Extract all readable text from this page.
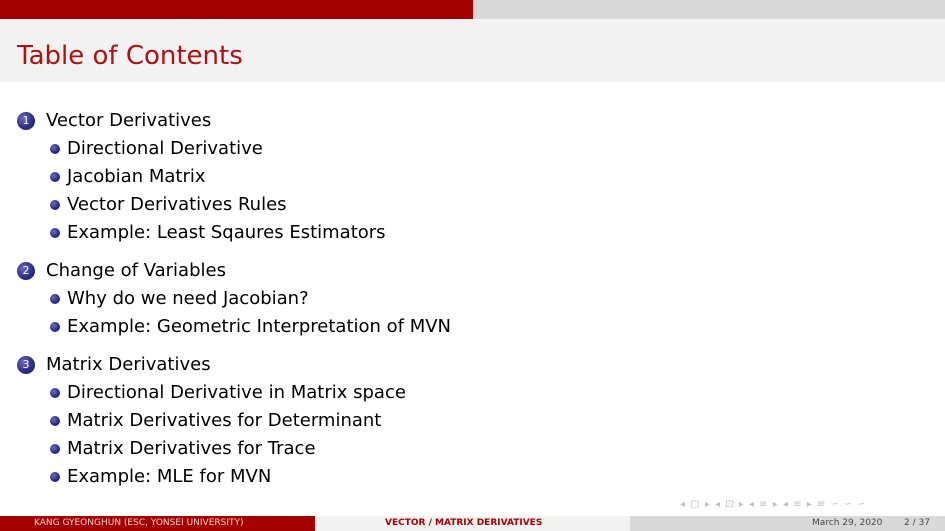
Table of Contents
1 Vector Derivatives
Directional Derivative
Jacobian Matrix
Vector Derivatives Rules
Example: Least Sqaures Estimators
2 Change of Variables
Why do we need Jacobian?
Example: Geometric Interpretation of MVN
3 Matrix Derivatives
Directional Derivative in Matrix space
Matrix Derivatives for Determinant
Matrix Derivatives for Trace
Example: MLE for MVN
◂ ▢ ▸ ◂ ⊡ ▸ ◂ ≡ ▸ ◂ ≡ ▸ ≡ ∽ ∽ ∽
KANG GYEONGHUN (ESC, YONSEI UNIVERSITY)	VECTOR / MATRIX DERIVATIVES	March 29, 2020 2 / 37
